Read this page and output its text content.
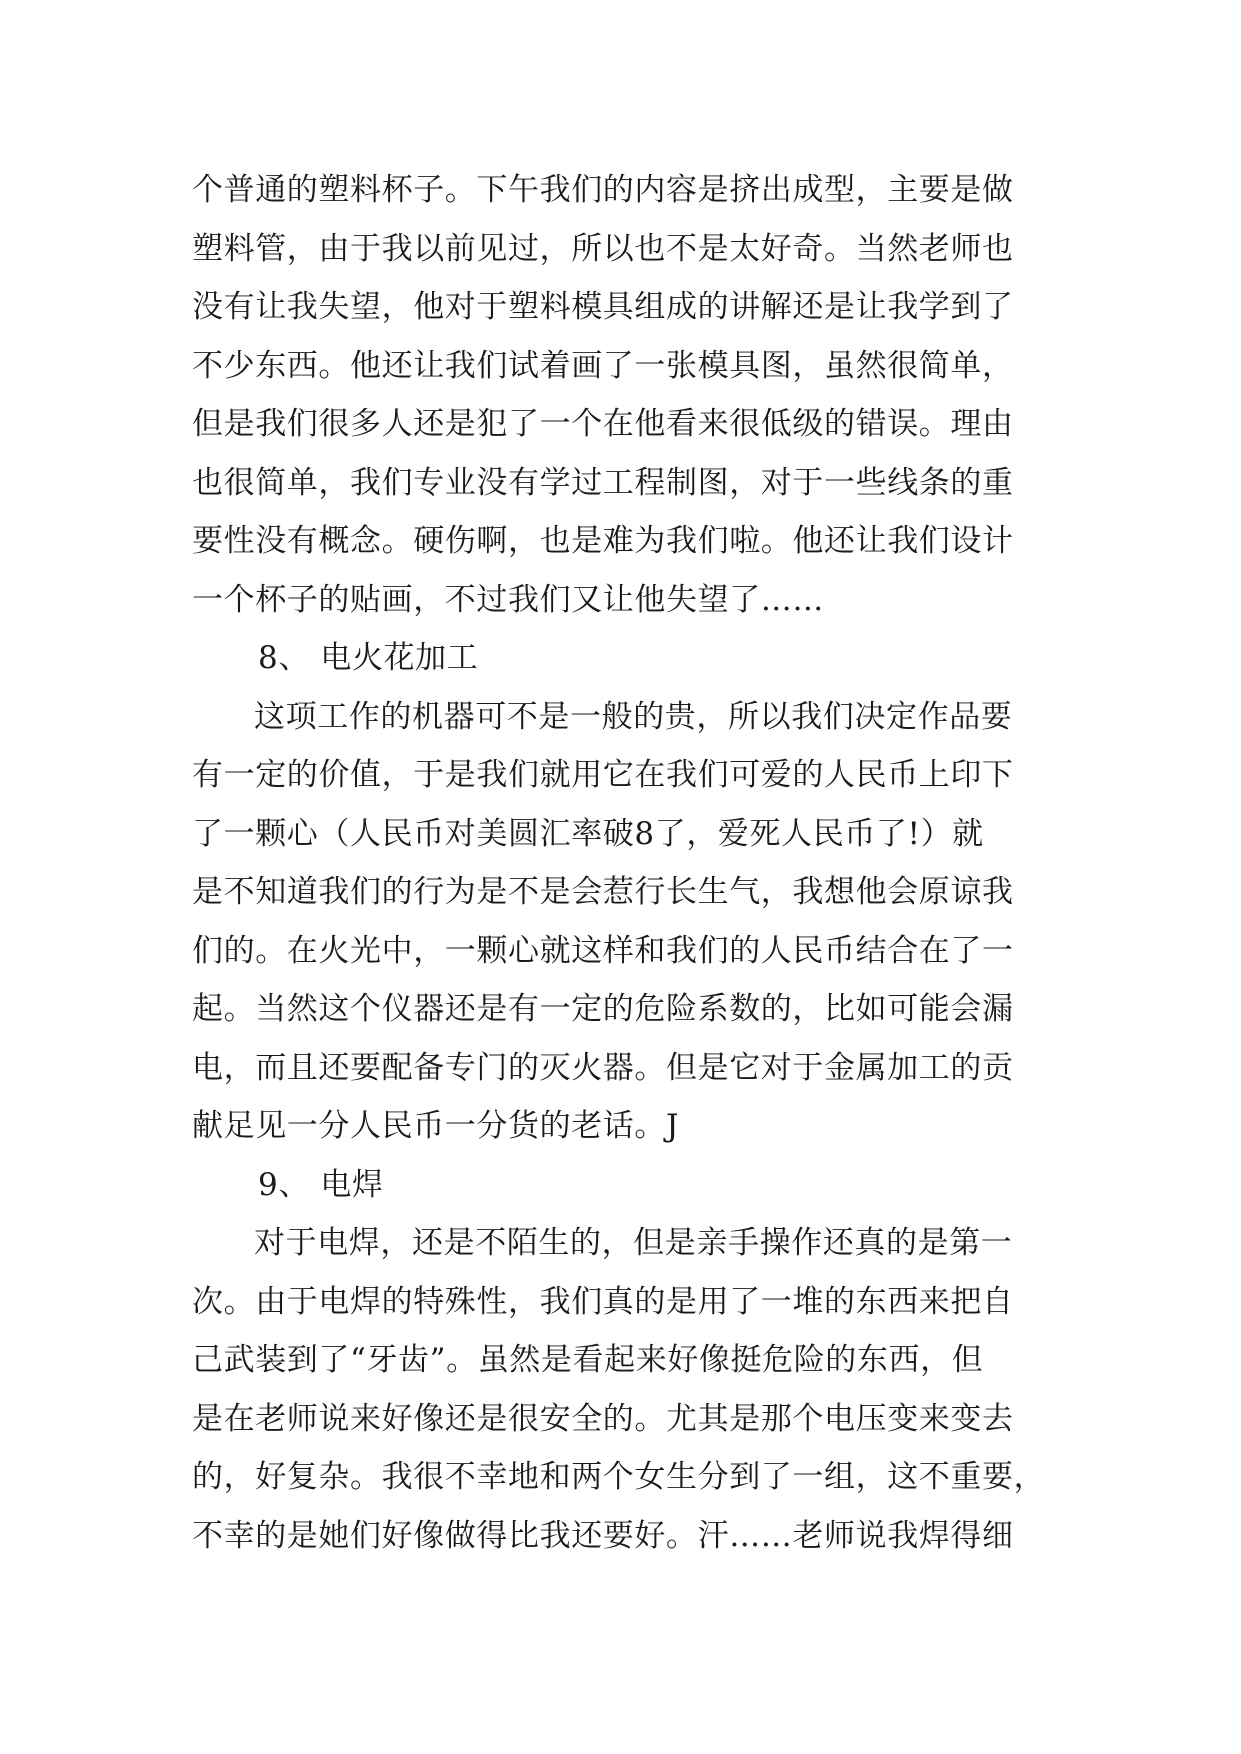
个普通的塑料杯子。下午我们的内容是挤出成型，主要是做
塑料管，由于我以前见过，所以也不是太好奇。当然老师也
没有让我失望，他对于塑料模具组成的讲解还是让我学到了
不少东西。他还让我们试着画了一张模具图，虽然很简单，
但是我们很多人还是犯了一个在他看来很低级的错误。理由
也很简单，我们专业没有学过工程制图，对于一些线条的重
要性没有概念。硬伤啊，也是难为我们啦。他还让我们设计
一个杯子的贴画，不过我们又让他失望了……
8、 电火花加工
这项工作的机器可不是一般的贵，所以我们决定作品要
有一定的价值，于是我们就用它在我们可爱的人民币上印下
了一颗心（人民币对美圆汇率破8了，爱死人民币了!）就
是不知道我们的行为是不是会惹行长生气，我想他会原谅我
们的。在火光中，一颗心就这样和我们的人民币结合在了一
起。当然这个仪器还是有一定的危险系数的，比如可能会漏
电，而且还要配备专门的灭火器。但是它对于金属加工的贡
献足见一分人民币一分货的老话。J
9、 电焊
对于电焊，还是不陌生的，但是亲手操作还真的是第一
次。由于电焊的特殊性，我们真的是用了一堆的东西来把自
己武装到了“牙齿”。虽然是看起来好像挺危险的东西，但
是在老师说来好像还是很安全的。尤其是那个电压变来变去
的，好复杂。我很不幸地和两个女生分到了一组，这不重要，
不幸的是她们好像做得比我还要好。汗……老师说我焊得细
